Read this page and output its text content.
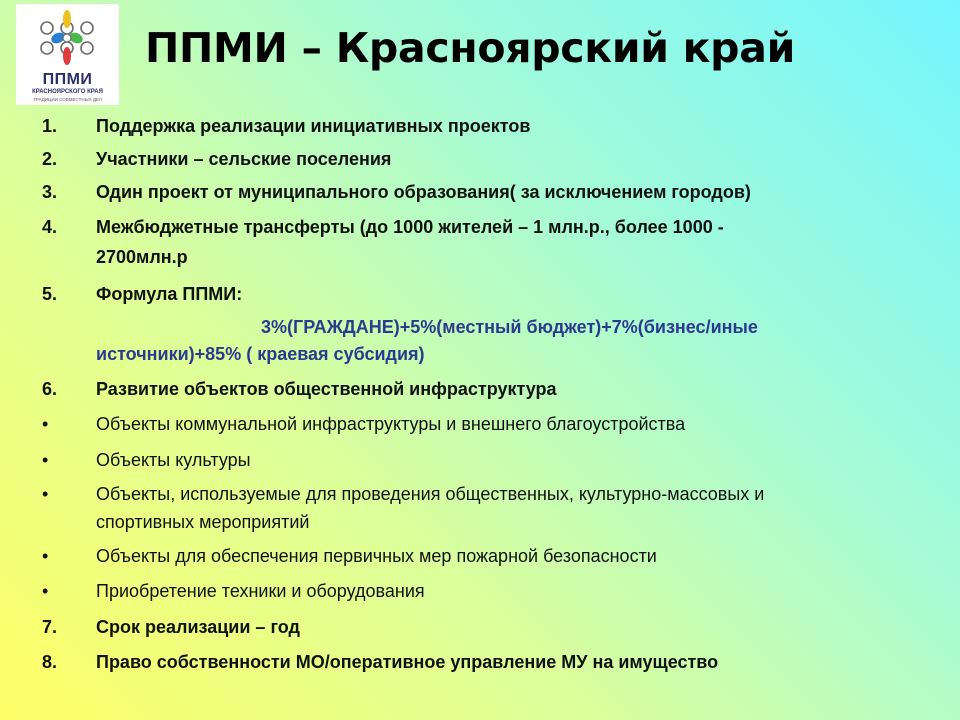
ППМИ
КРАСНОЯРСКОГО КРАЯ
ТРАДИЦИИ СОВМЕСТНЫХ ДЕЛ
ППМИ – Красноярский край
1.	Поддержка реализации инициативных проектов
2.	Участники – сельские поселения
3.	Один проект от муниципального образования( за исключением городов)
4.	Межбюджетные трансферты (до 1000 жителей – 1 млн.р., более 1000 -
2700млн.р
5.	Формула ППМИ:
3%(ГРАЖДАНЕ)+5%(местный бюджет)+7%(бизнес/иные
источники)+85% ( краевая субсидия)
6.	Развитие объектов общественной инфраструктура
•	Объекты коммунальной инфраструктуры и внешнего благоустройства
•	Объекты культуры
•	Объекты, используемые для проведения общественных, культурно-массовых и
спортивных мероприятий
•	Объекты для обеспечения первичных мер пожарной безопасности
•	Приобретение техники и оборудования
7.	Срок реализации – год
8.	Право собственности МО/оперативное управление МУ на имущество
